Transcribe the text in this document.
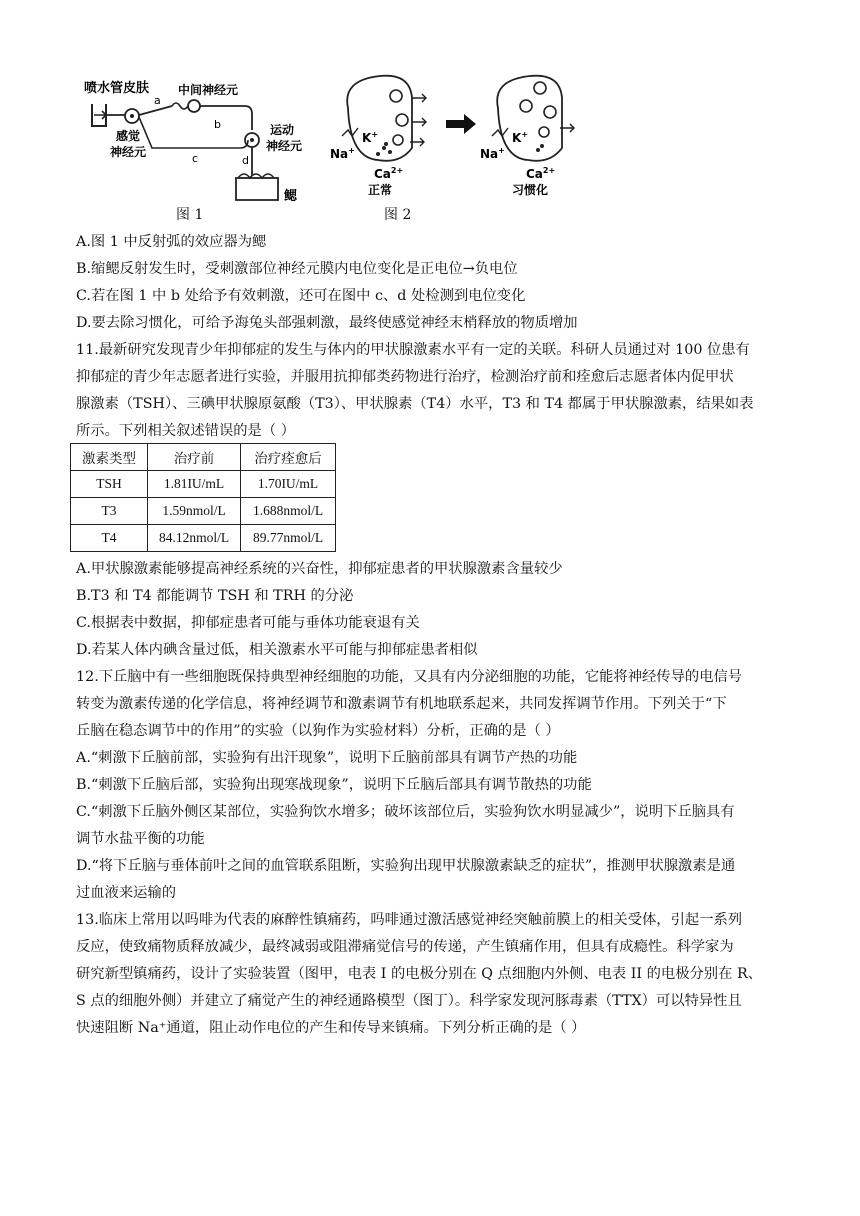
喷水管皮肤
感觉
神经元
a
中间神经元
b
c	d
运动
神经元
鳃
Na+
K+
$Ca^{2+}$
正常
Na+
K+
$Ca^{2+}$
习惯化
图 1	图 2
A.图 1 中反射弧的效应器为鳃
B.缩鳃反射发生时，受刺激部位神经元膜内电位变化是正电位→负电位
C.若在图 1 中 b 处给予有效刺激，还可在图中 c、d 处检测到电位变化
D.要去除习惯化，可给予海兔头部强刺激，最终使感觉神经末梢释放的物质增加
11.最新研究发现青少年抑郁症的发生与体内的甲状腺激素水平有一定的关联。科研人员通过对 100 位患有
抑郁症的青少年志愿者进行实验，并服用抗抑郁类药物进行治疗，检测治疗前和痊愈后志愿者体内促甲状
腺激素（TSH）、三碘甲状腺原氨酸（T3）、甲状腺素（T4）水平，T3 和 T4 都属于甲状腺激素，结果如表
所示。下列相关叙述错误的是（ ）
激素类型	治疗前	治疗痊愈后
TSH	1.81IU/mL	1.70IU/mL
T3	1.59nmol/L	1.688nmol/L
T4	84.12nmol/L	89.77nmol/L
A.甲状腺激素能够提高神经系统的兴奋性，抑郁症患者的甲状腺激素含量较少
B.T3 和 T4 都能调节 TSH 和 TRH 的分泌
C.根据表中数据，抑郁症患者可能与垂体功能衰退有关
D.若某人体内碘含量过低，相关激素水平可能与抑郁症患者相似
12.下丘脑中有一些细胞既保持典型神经细胞的功能，又具有内分泌细胞的功能，它能将神经传导的电信号
转变为激素传递的化学信息，将神经调节和激素调节有机地联系起来，共同发挥调节作用。下列关于“下
丘脑在稳态调节中的作用”的实验（以狗作为实验材料）分析，正确的是（ ）
A.“刺激下丘脑前部，实验狗有出汗现象”，说明下丘脑前部具有调节产热的功能
B.“刺激下丘脑后部，实验狗出现寒战现象”，说明下丘脑后部具有调节散热的功能
C.“刺激下丘脑外侧区某部位，实验狗饮水增多；破坏该部位后，实验狗饮水明显减少”，说明下丘脑具有
调节水盐平衡的功能
D.“将下丘脑与垂体前叶之间的血管联系阻断，实验狗出现甲状腺激素缺乏的症状”，推测甲状腺激素是通
过血液来运输的
13.临床上常用以吗啡为代表的麻醉性镇痛药，吗啡通过激活感觉神经突触前膜上的相关受体，引起一系列
反应，使致痛物质释放减少，最终减弱或阻滞痛觉信号的传递，产生镇痛作用，但具有成瘾性。科学家为
研究新型镇痛药，设计了实验装置（图甲，电表 I 的电极分别在 Q 点细胞内外侧、电表 II 的电极分别在 R、
S 点的细胞外侧）并建立了痛觉产生的神经通路模型（图丁）。科学家发现河豚毒素（TTX）可以特异性且
快速阻断 Na⁺通道，阻止动作电位的产生和传导来镇痛。下列分析正确的是（ ）
